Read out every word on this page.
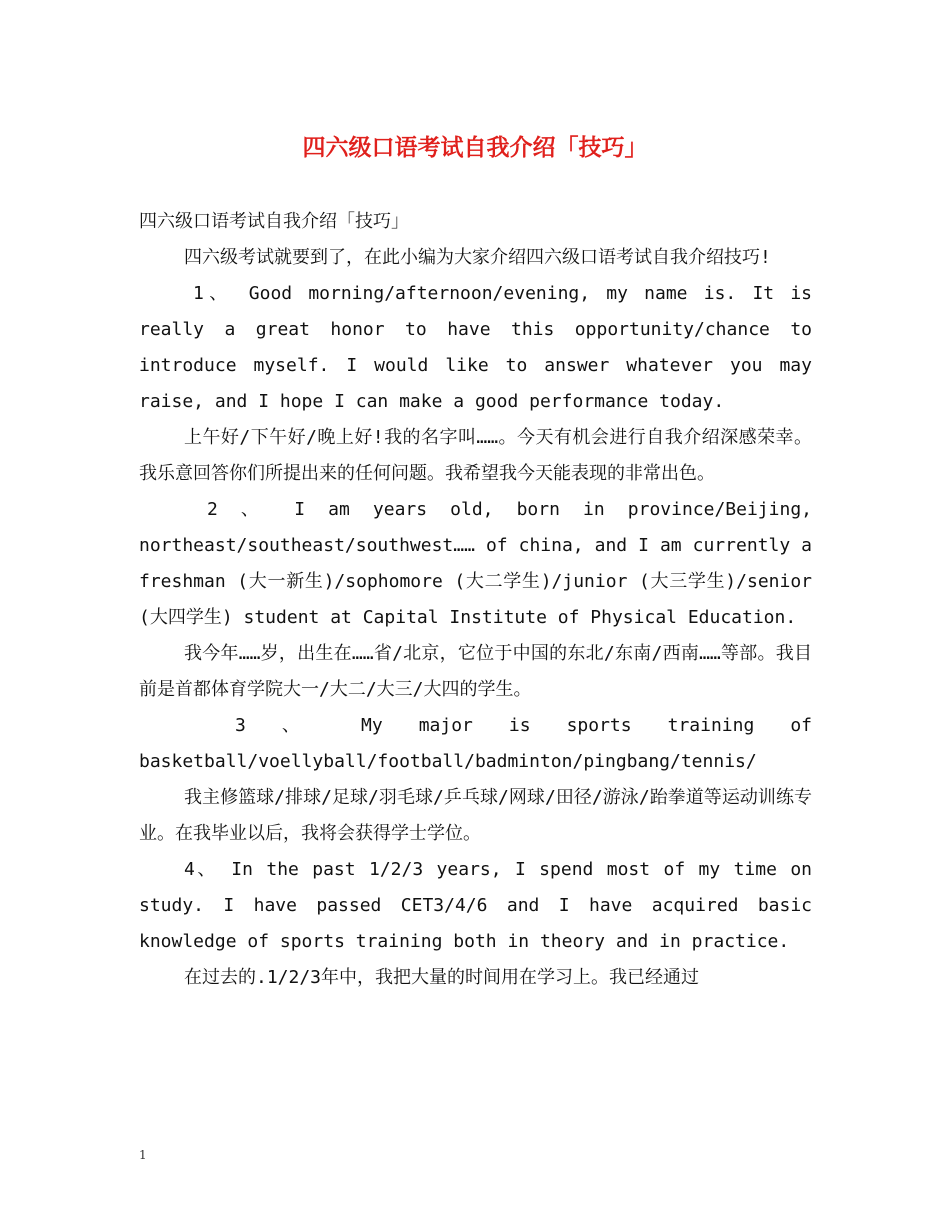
四六级口语考试自我介绍「技巧」

四六级口语考试自我介绍「技巧」

四六级考试就要到了，在此小编为大家介绍四六级口语考试自我介绍技巧!

1、 Good morning/afternoon/evening, my name is. It is really a great honor to have this opportunity/chance to introduce myself. I would like to answer whatever you may raise, and I hope I can make a good performance today.

上午好/下午好/晚上好!我的名字叫……。今天有机会进行自我介绍深感荣幸。我乐意回答你们所提出来的任何问题。我希望我今天能表现的非常出色。

2 、 I am years old, born in province/Beijing, northeast/southeast/southwest…… of china, and I am currently a freshman (大一新生)/sophomore (大二学生)/junior (大三学生)/senior (大四学生) student at Capital Institute of Physical Education.

我今年……岁，出生在……省/北京，它位于中国的东北/东南/西南……等部。我目前是首都体育学院大一/大二/大三/大四的学生。

3 、 My major is sports training of basketball/voellyball/football/badminton/pingbang/tennis/

我主修篮球/排球/足球/羽毛球/乒乓球/网球/田径/游泳/跆拳道等运动训练专业。在我毕业以后，我将会获得学士学位。

4、 In the past 1/2/3 years, I spend most of my time on study. I have passed CET3/4/6 and I have acquired basic knowledge of sports training both in theory and in practice.

在过去的.1/2/3年中，我把大量的时间用在学习上。我已经通过

1
